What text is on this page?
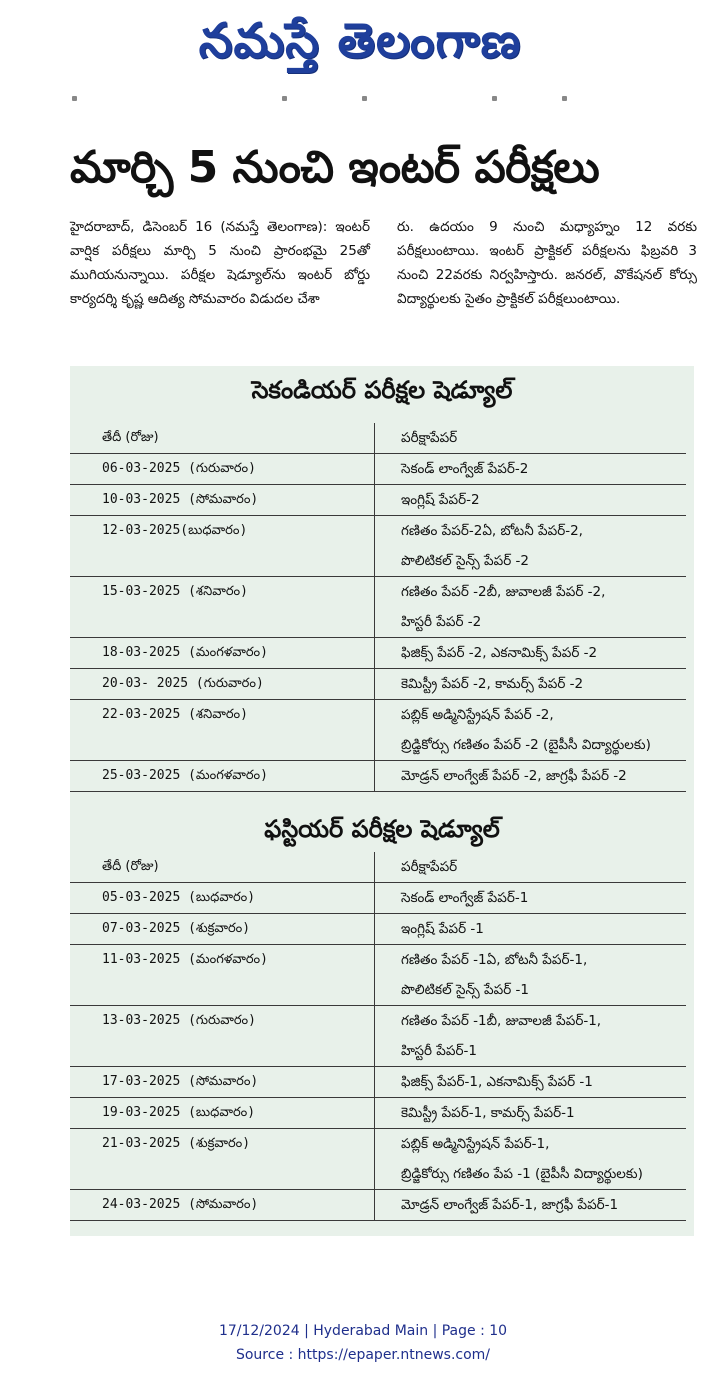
నమస్తే తెలంగాణ
మార్చి 5 నుంచి ఇంటర్ పరీక్షలు
హైదరాబాద్, డిసెంబర్ 16 (నమస్తే తెలంగాణ): ఇంటర్ వార్షిక పరీక్షలు మార్చి 5 నుంచి ప్రారంభమై 25తో ముగియనున్నాయి. పరీక్షల షెడ్యూల్‌ను ఇంటర్ బోర్డు కార్యదర్శి కృష్ణ ఆదిత్య సోమవారం విడుదల చేశా
రు. ఉదయం 9 నుంచి మధ్యాహ్నం 12 వరకు పరీక్షలుంటాయి. ఇంటర్ ప్రాక్టికల్ పరీక్షలను ఫిబ్రవరి 3 నుంచి 22వరకు నిర్వహిస్తారు. జనరల్, వొకేషనల్ కోర్సు విద్యార్థులకు సైతం ప్రాక్టికల్ పరీక్షలుంటాయి.
సెకండియర్ పరీక్షల షెడ్యూల్
తేదీ (రోజు)	పరీక్షాపేపర్
06-03-2025 (గురువారం)	సెకండ్ లాంగ్వేజ్ పేపర్-2

10-03-2025 (సోమవారం)	ఇంగ్లిష్ పేపర్-2

12-03-2025(బుధవారం)	గణితం పేపర్-2ఏ, బోటనీ పేపర్-2,
పొలిటికల్ సైన్స్ పేపర్ -2

15-03-2025 (శనివారం)	గణితం పేపర్ -2బీ, జువాలజీ పేపర్ -2,
హిస్టరీ పేపర్ -2

18-03-2025 (మంగళవారం)	ఫిజిక్స్ పేపర్ -2, ఎకనామిక్స్ పేపర్ -2

20-03- 2025 (గురువారం)	కెమిస్ట్రీ పేపర్ -2, కామర్స్ పేపర్ -2

22-03-2025 (శనివారం)	పబ్లిక్ అడ్మినిస్ట్రేషన్ పేపర్ -2,
బ్రిడ్జికోర్సు గణితం పేపర్ -2 (బైపీసీ విద్యార్థులకు)

25-03-2025 (మంగళవారం)	మోడ్రన్ లాంగ్వేజ్ పేపర్ -2, జాగ్రఫీ పేపర్ -2
ఫస్టియర్ పరీక్షల షెడ్యూల్
తేదీ (రోజు)	పరీక్షాపేపర్
05-03-2025 (బుధవారం)	సెకండ్ లాంగ్వేజ్ పేపర్-1

07-03-2025 (శుక్రవారం)	ఇంగ్లిష్ పేపర్ -1

11-03-2025 (మంగళవారం)	గణితం పేపర్ -1ఏ, బోటనీ పేపర్-1,
పొలిటికల్ సైన్స్ పేపర్ -1

13-03-2025 (గురువారం)	గణితం పేపర్ -1బీ, జువాలజీ పేపర్-1,
హిస్టరీ పేపర్-1

17-03-2025 (సోమవారం)	ఫిజిక్స్ పేపర్-1, ఎకనామిక్స్ పేపర్ -1

19-03-2025 (బుధవారం)	కెమిస్ట్రీ పేపర్-1, కామర్స్ పేపర్-1

21-03-2025 (శుక్రవారం)	పబ్లిక్ అడ్మినిస్ట్రేషన్ పేపర్-1,
బ్రిడ్జికోర్సు గణితం పేప -1 (బైపీసీ విద్యార్థులకు)

24-03-2025 (సోమవారం)	మోడ్రన్ లాంగ్వేజ్ పేపర్-1, జాగ్రఫీ పేపర్-1
17/12/2024 | Hyderabad Main | Page : 10
Source : https://epaper.ntnews.com/
